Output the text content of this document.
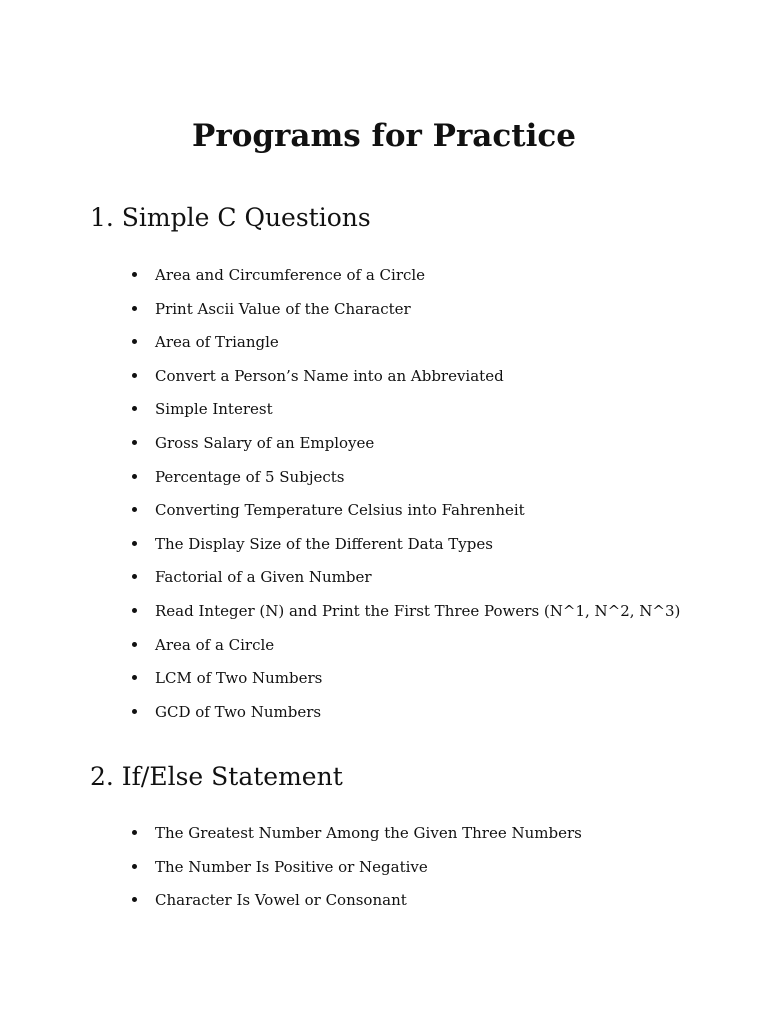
Programs for Practice
1. Simple C Questions
Area and Circumference of a Circle
Print Ascii Value of the Character
Area of Triangle
Convert a Person’s Name into an Abbreviated
Simple Interest
Gross Salary of an Employee
Percentage of 5 Subjects
Converting Temperature Celsius into Fahrenheit
The Display Size of the Different Data Types
Factorial of a Given Number
Read Integer (N) and Print the First Three Powers (N^1, N^2, N^3)
Area of a Circle
LCM of Two Numbers
GCD of Two Numbers
2. If/Else Statement
The Greatest Number Among the Given Three Numbers
The Number Is Positive or Negative
Character Is Vowel or Consonant
